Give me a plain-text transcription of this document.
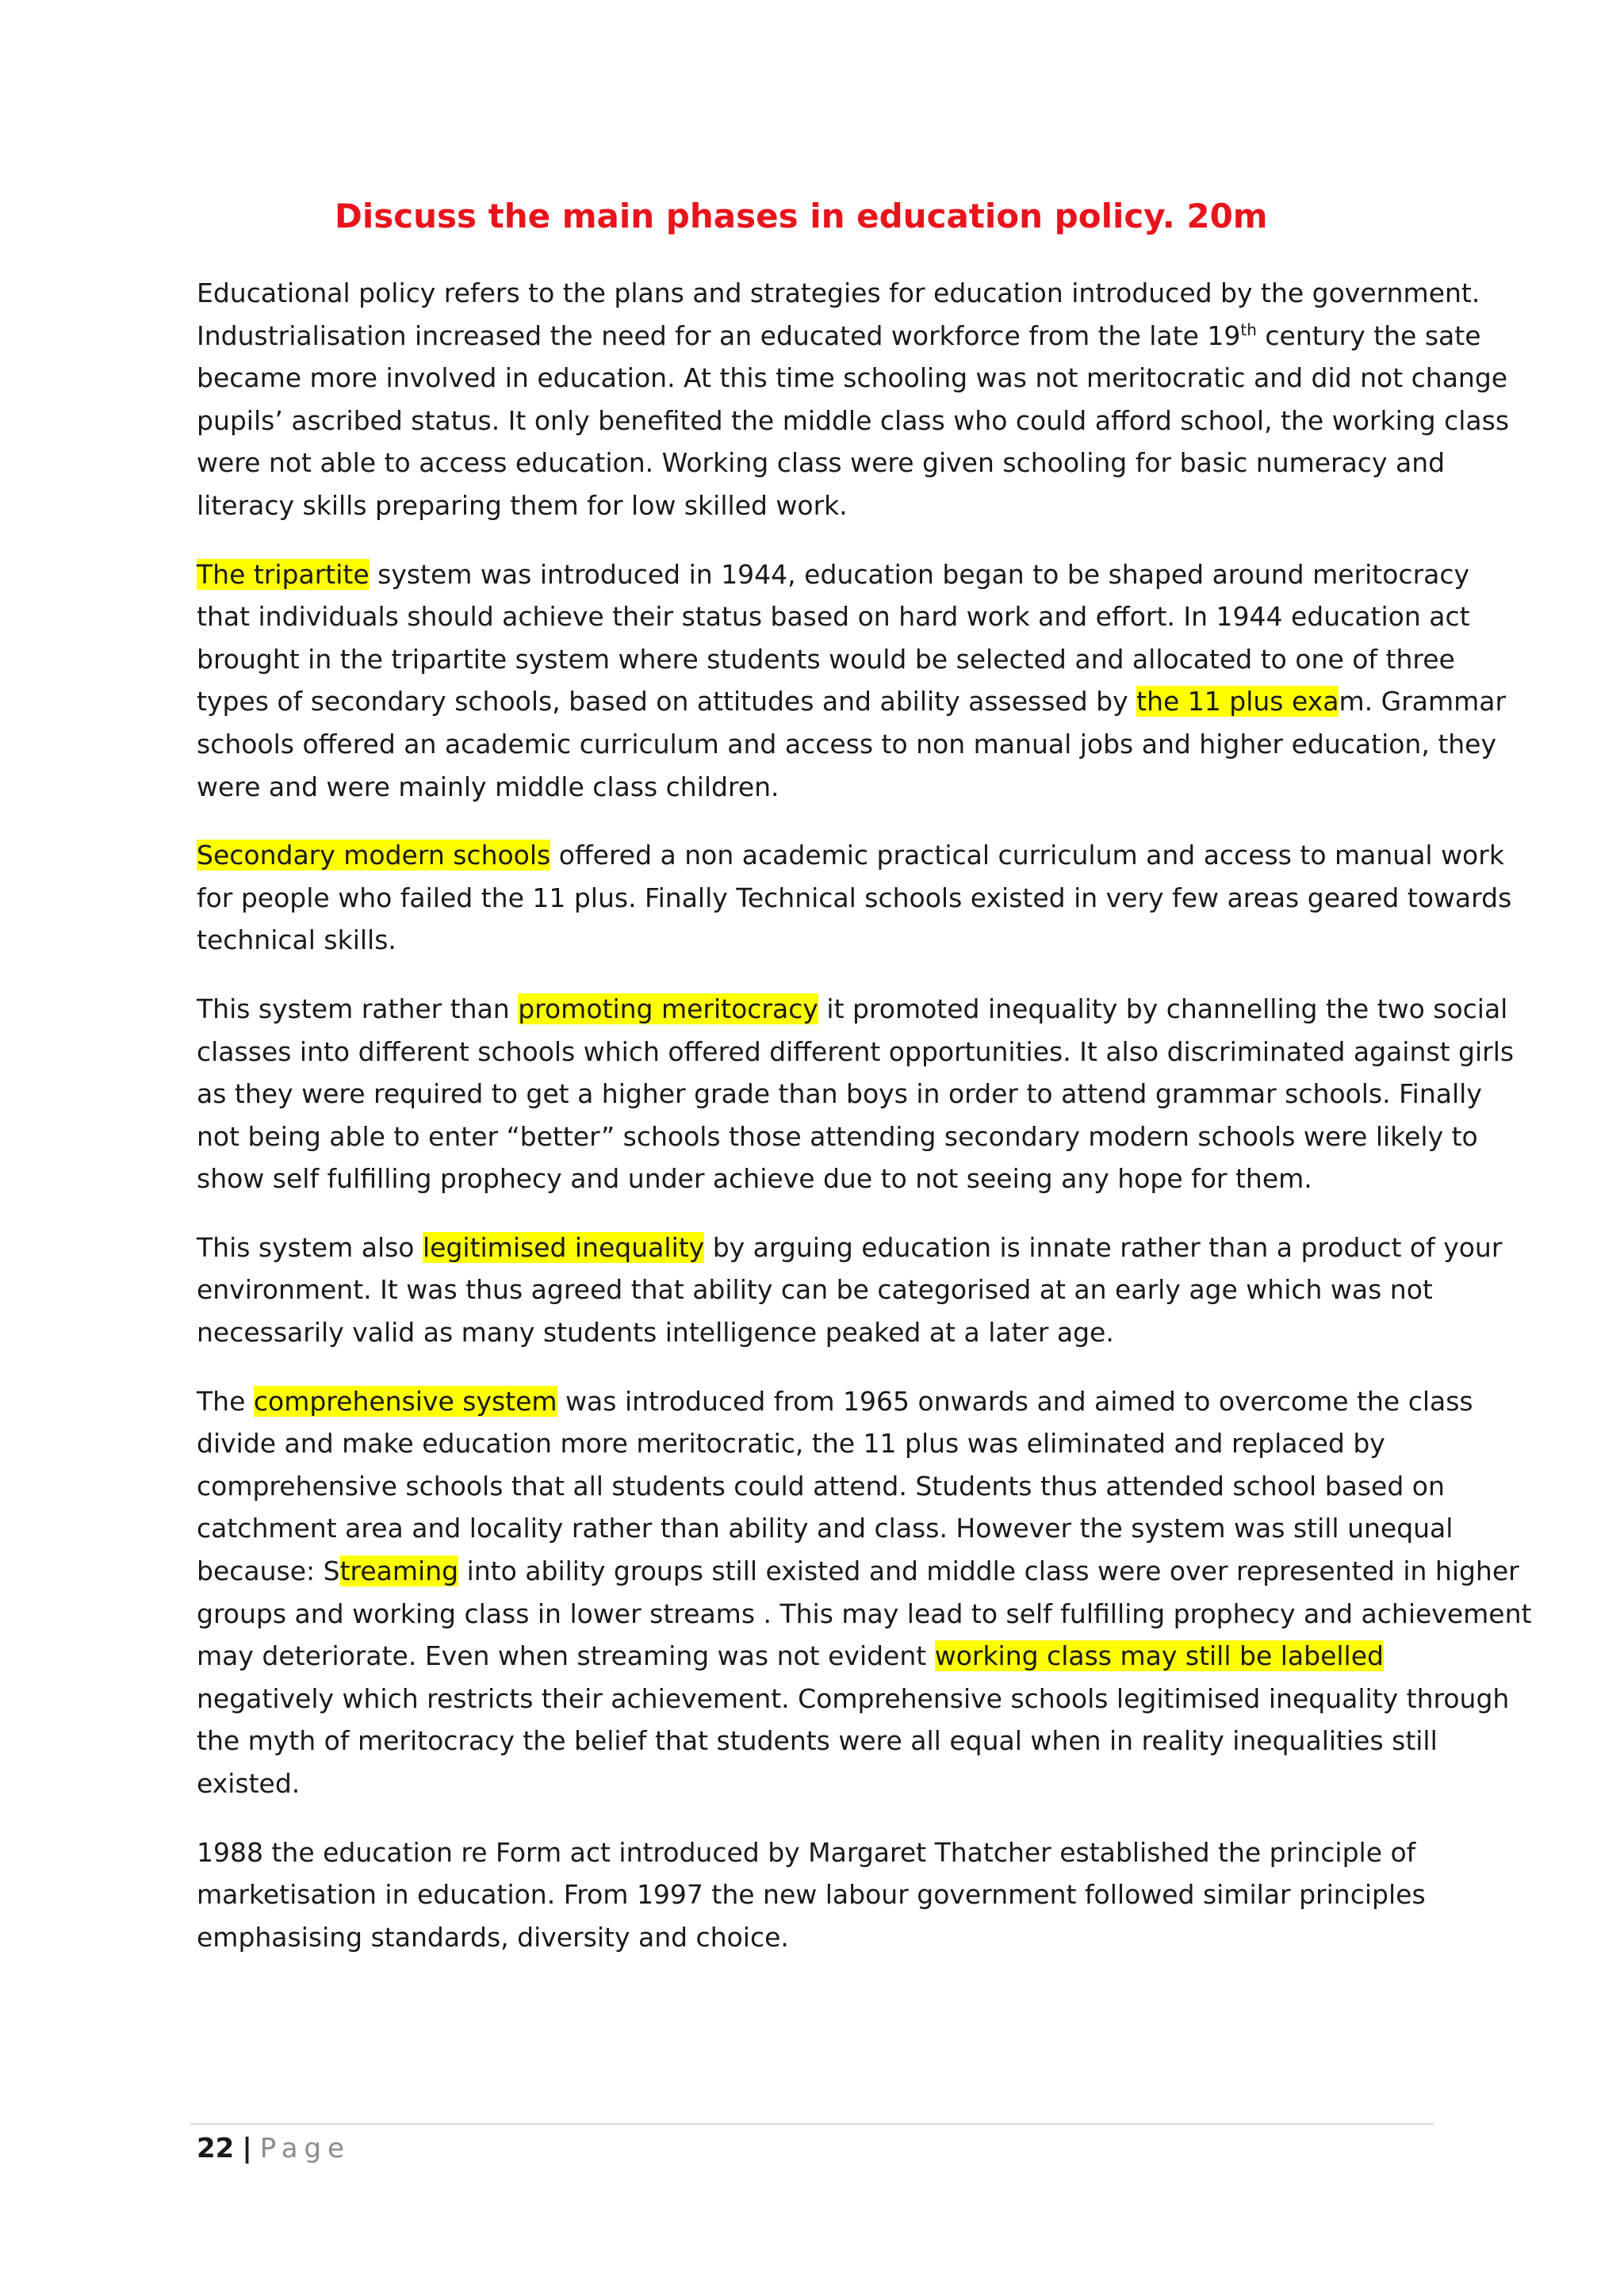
Discuss the main phases in education policy. 20m

Educational policy refers to the plans and strategies for education introduced by the government.
Industrialisation increased the need for an educated workforce from the late 19th century the sate
became more involved in education. At this time schooling was not meritocratic and did not change
pupils’ ascribed status. It only benefited the middle class who could afford school, the working class
were not able to access education. Working class were given schooling for basic numeracy and
literacy skills preparing them for low skilled work.

The tripartite system was introduced in 1944, education began to be shaped around meritocracy
that individuals should achieve their status based on hard work and effort. In 1944 education act
brought in the tripartite system where students would be selected and allocated to one of three
types of secondary schools, based on attitudes and ability assessed by the 11 plus exam. Grammar
schools offered an academic curriculum and access to non manual jobs and higher education, they
were and were mainly middle class children.

Secondary modern schools offered a non academic practical curriculum and access to manual work
for people who failed the 11 plus. Finally Technical schools existed in very few areas geared towards
technical skills.

This system rather than promoting meritocracy it promoted inequality by channelling the two social
classes into different schools which offered different opportunities. It also discriminated against girls
as they were required to get a higher grade than boys in order to attend grammar schools. Finally
not being able to enter “better” schools those attending secondary modern schools were likely to
show self fulfilling prophecy and under achieve due to not seeing any hope for them.

This system also legitimised inequality by arguing education is innate rather than a product of your
environment. It was thus agreed that ability can be categorised at an early age which was not
necessarily valid as many students intelligence peaked at a later age.

The comprehensive system was introduced from 1965 onwards and aimed to overcome the class
divide and make education more meritocratic, the 11 plus was eliminated and replaced by
comprehensive schools that all students could attend. Students thus attended school based on
catchment area and locality rather than ability and class. However the system was still unequal
because: Streaming into ability groups still existed and middle class were over represented in higher
groups and working class in lower streams . This may lead to self fulfilling prophecy and achievement
may deteriorate. Even when streaming was not evident working class may still be labelled
negatively which restricts their achievement. Comprehensive schools legitimised inequality through
the myth of meritocracy the belief that students were all equal when in reality inequalities still
existed.

1988 the education re Form act introduced by Margaret Thatcher established the principle of
marketisation in education. From 1997 the new labour government followed similar principles
emphasising standards, diversity and choice.

22 | Page
